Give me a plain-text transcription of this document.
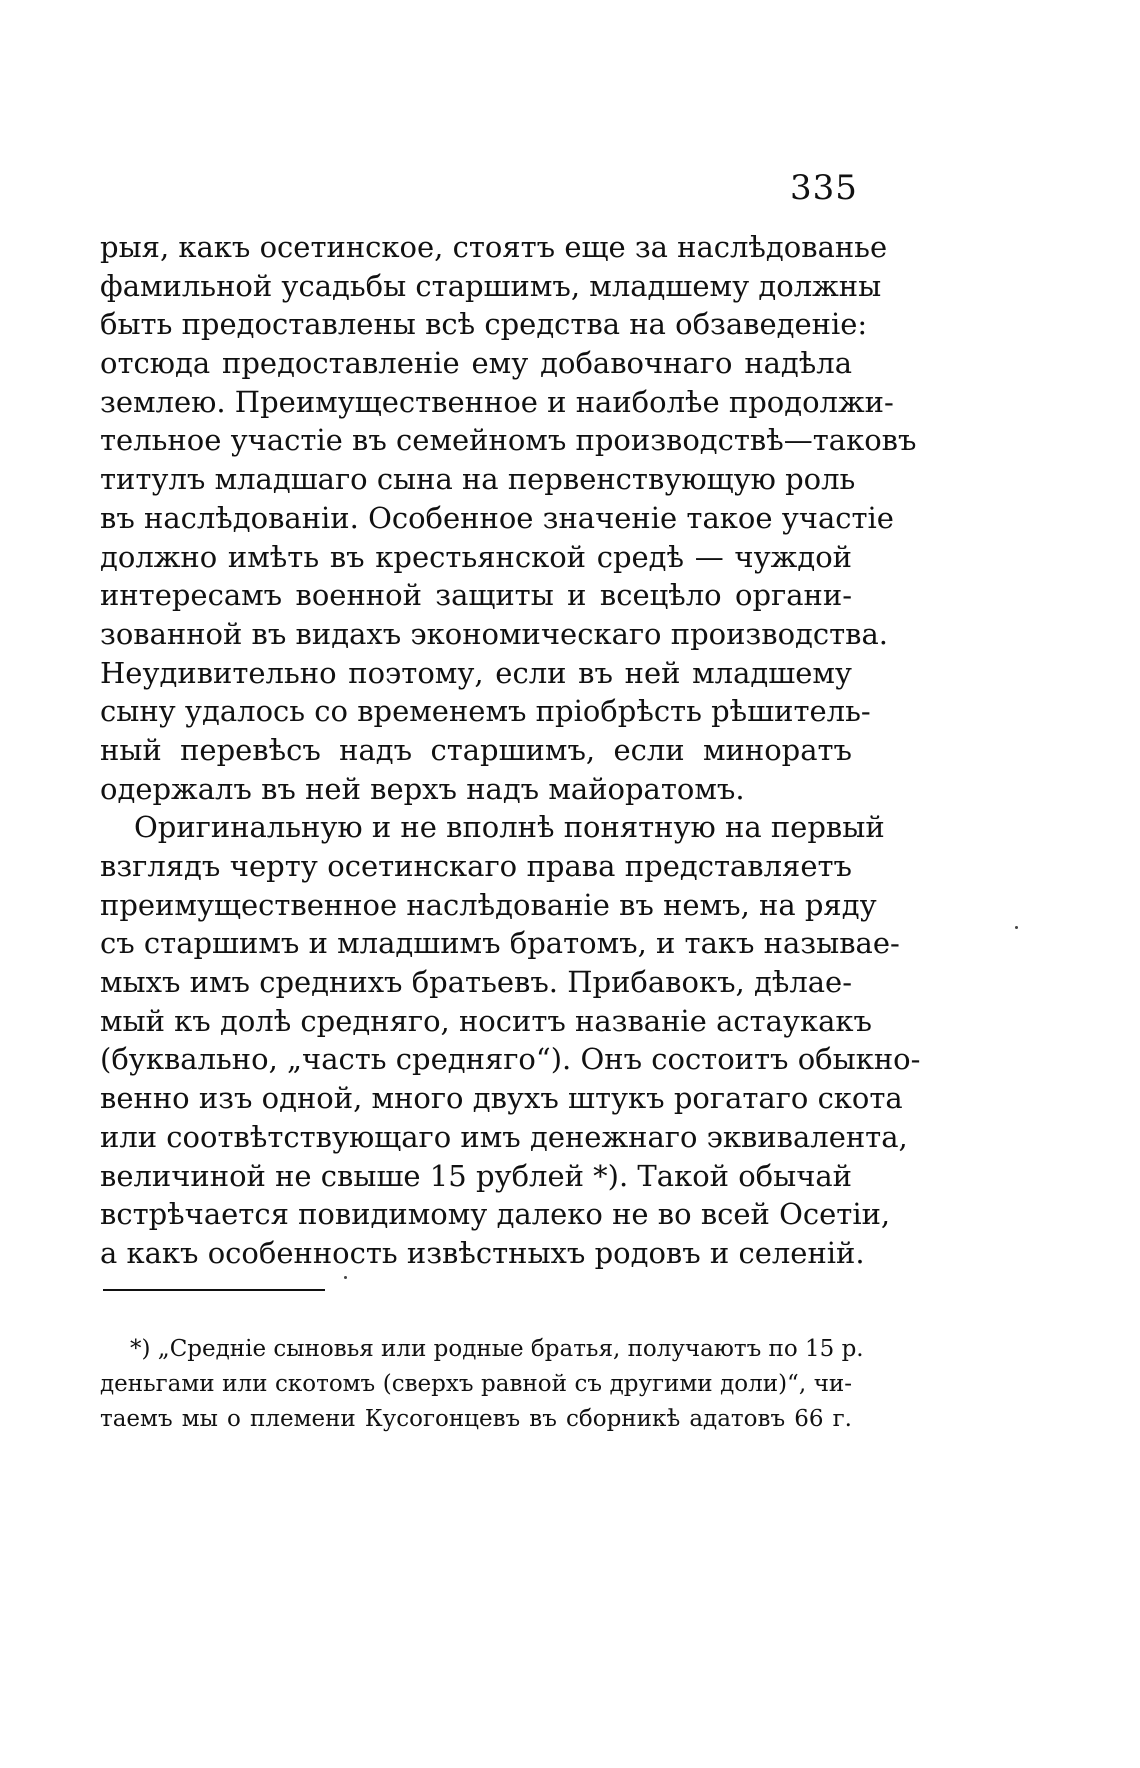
335
рыя, какъ осетинское, стоятъ еще за наслѣдованье
фамильной усадьбы старшимъ, младшему должны
быть предоставлены всѣ средства на обзаведенiе:
отсюда предоставленiе ему добавочнаго надѣла
землею. Преимущественное и наиболѣе продолжи-
тельное участiе въ семейномъ производствѣ—таковъ
титулъ младшаго сына на первенствующую роль
въ наслѣдованiи. Особенное значенiе такое участiе
должно имѣть въ крестьянской средѣ — чуждой
интересамъ военной защиты и всецѣло органи-
зованной въ видахъ экономическаго производства.
Неудивительно поэтому, если въ ней младшему
сыну удалось со временемъ прiобрѣсть рѣшитель-
ный перевѣсъ надъ старшимъ, если миноратъ
одержалъ въ ней верхъ надъ майоратомъ.
Оригинальную и не вполнѣ понятную на первый
взглядъ черту осетинскаго права представляетъ
преимущественное наслѣдованiе въ немъ, на ряду
съ старшимъ и младшимъ братомъ, и такъ называе-
мыхъ имъ среднихъ братьевъ. Прибавокъ, дѣлае-
мый къ долѣ средняго, носитъ названiе астаукакъ
(буквально, „часть средняго“). Онъ состоитъ обыкно-
венно изъ одной, много двухъ штукъ рогатаго скота
или соотвѣтствующаго имъ денежнаго эквивалента,
величиной не свыше 15 рублей *). Такой обычай
встрѣчается повидимому далеко не во всей Осетiи,
а какъ особенность извѣстныхъ родовъ и селенiй.
*) „Среднiе сыновья или родные братья, получаютъ по 15 р.
деньгами или скотомъ (сверхъ равной съ другими доли)“, чи-
таемъ мы о племени Кусогонцевъ въ сборникѣ адатовъ 66 г.
